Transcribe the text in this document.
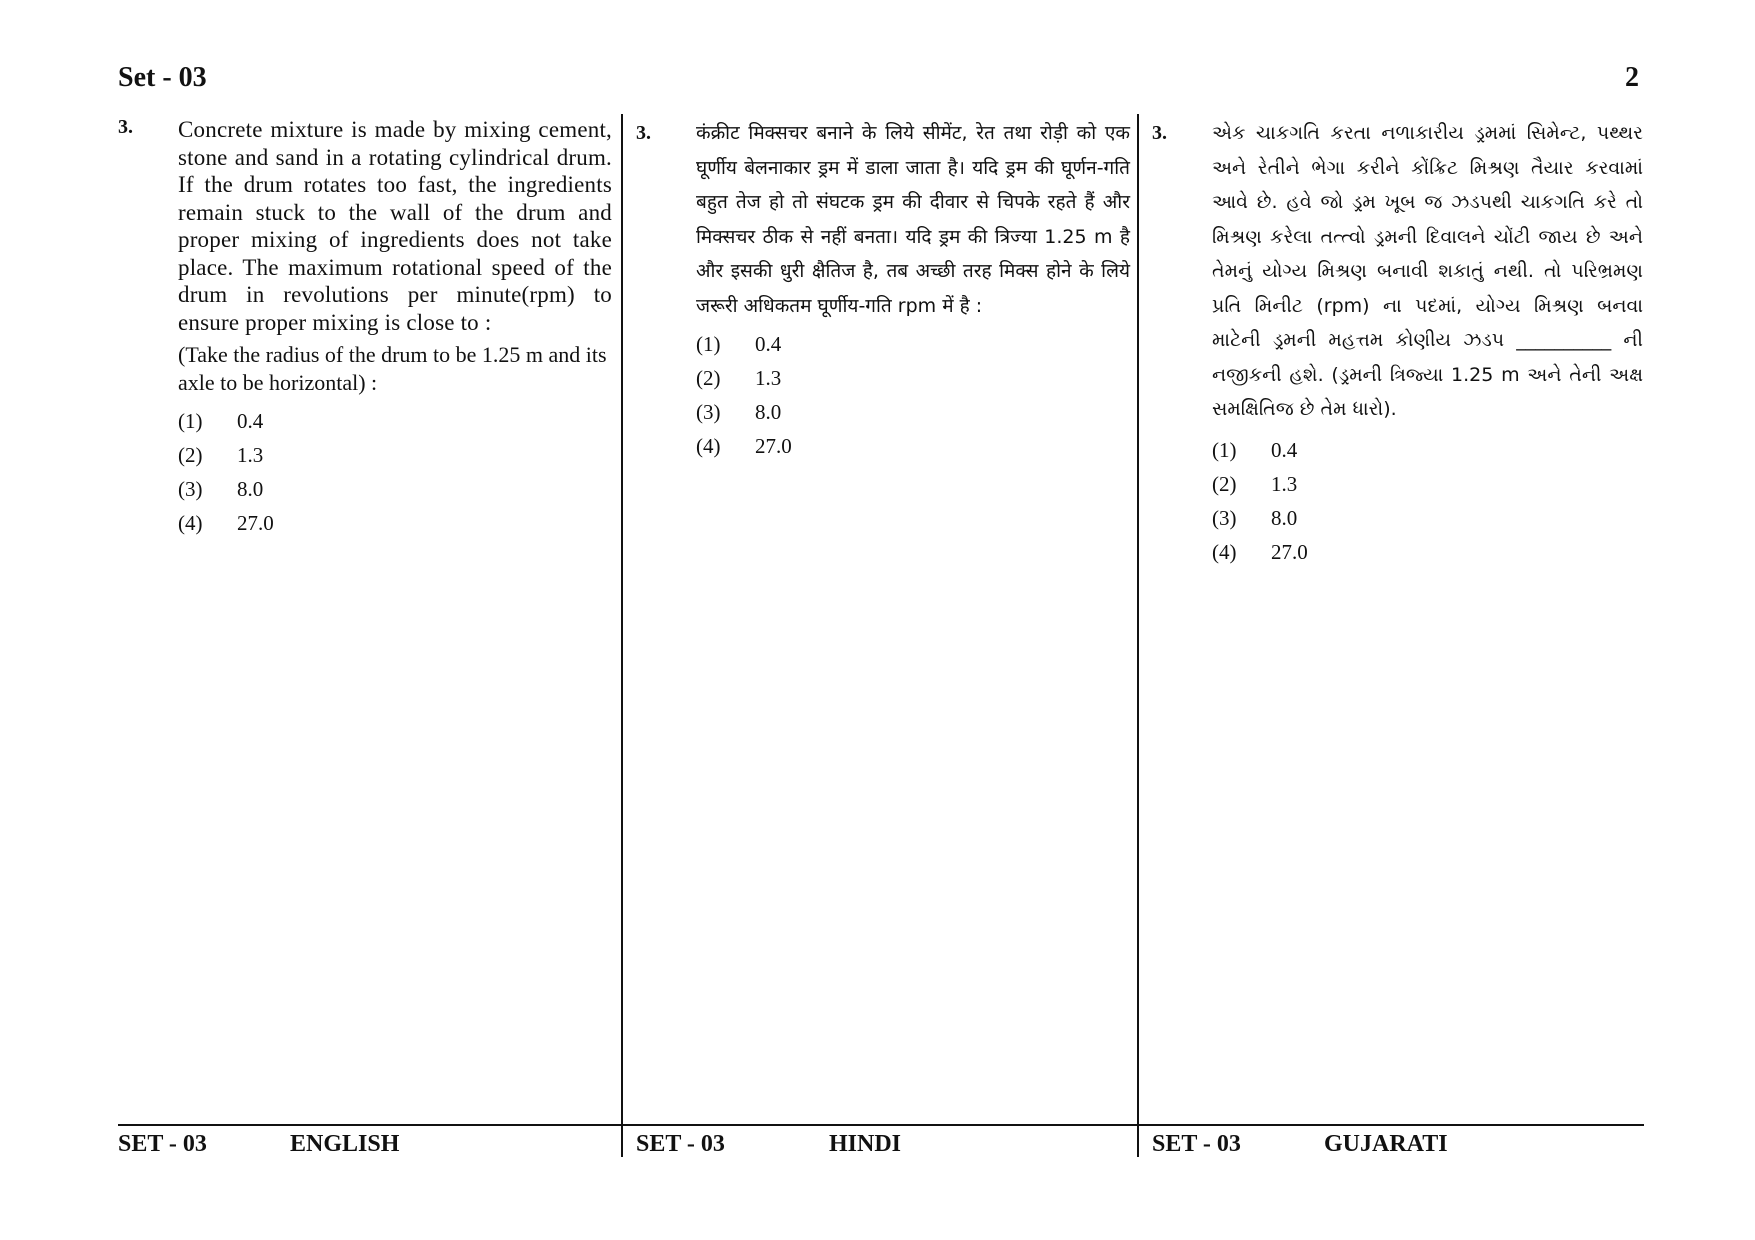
Set - 03	2
3. Concrete mixture is made by mixing cement, stone and sand in a rotating cylindrical drum. If the drum rotates too fast, the ingredients remain stuck to the wall of the drum and proper mixing of ingredients does not take place. The maximum rotational speed of the drum in revolutions per minute(rpm) to ensure proper mixing is close to :

(Take the radius of the drum to be 1.25 m and its axle to be horizontal) :

(1)	0.4
(2)	1.3
(3)	8.0
(4)	27.0
3. कंक्रीट मिक्सचर बनाने के लिये सीमेंट, रेत तथा रोड़ी को एक घूर्णीय बेलनाकार ड्रम में डाला जाता है। यदि ड्रम की घूर्णन-गति बहुत तेज हो तो संघटक ड्रम की दीवार से चिपके रहते हैं और मिक्सचर ठीक से नहीं बनता। यदि ड्रम की त्रिज्या 1.25 m है और इसकी धुरी क्षैतिज है, तब अच्छी तरह मिक्स होने के लिये जरूरी अधिकतम घूर्णीय-गति rpm में है :

(1)	0.4
(2)	1.3
(3)	8.0
(4)	27.0
3. એક ચાકગતિ કરતા નળાકારીય ડ્રમમાં સિમેન્ટ, પથ્થર અને રેતીને ભેગા કરીને કોંક્રિટ મિશ્રણ તૈયાર કરવામાં આવે છે. હવે જો ડ્રમ ખૂબ જ ઝડપથી ચાકગતિ કરે તો મિશ્રણ કરેલા તત્ત્વો ડ્રમની દિવાલને ચોંટી જાય છે અને તેમનું યોગ્ય મિશ્રણ બનાવી શકાતું નથી. તો પરિભ્રમણ પ્રતિ મિનીટ (rpm) ના પદમાં, યોગ્ય મિશ્રણ બનવા માટેની ડ્રમની મહત્તમ કોણીય ઝડપ __________ ની નજીકની હશે. (ડ્રમની ત્રિજ્યા 1.25 m અને તેની અક્ષ સમક્ષિતિજ છે તેમ ધારો).

(1)	0.4
(2)	1.3
(3)	8.0
(4)	27.0
SET - 03	ENGLISH	SET - 03	HINDI	SET - 03	GUJARATI
